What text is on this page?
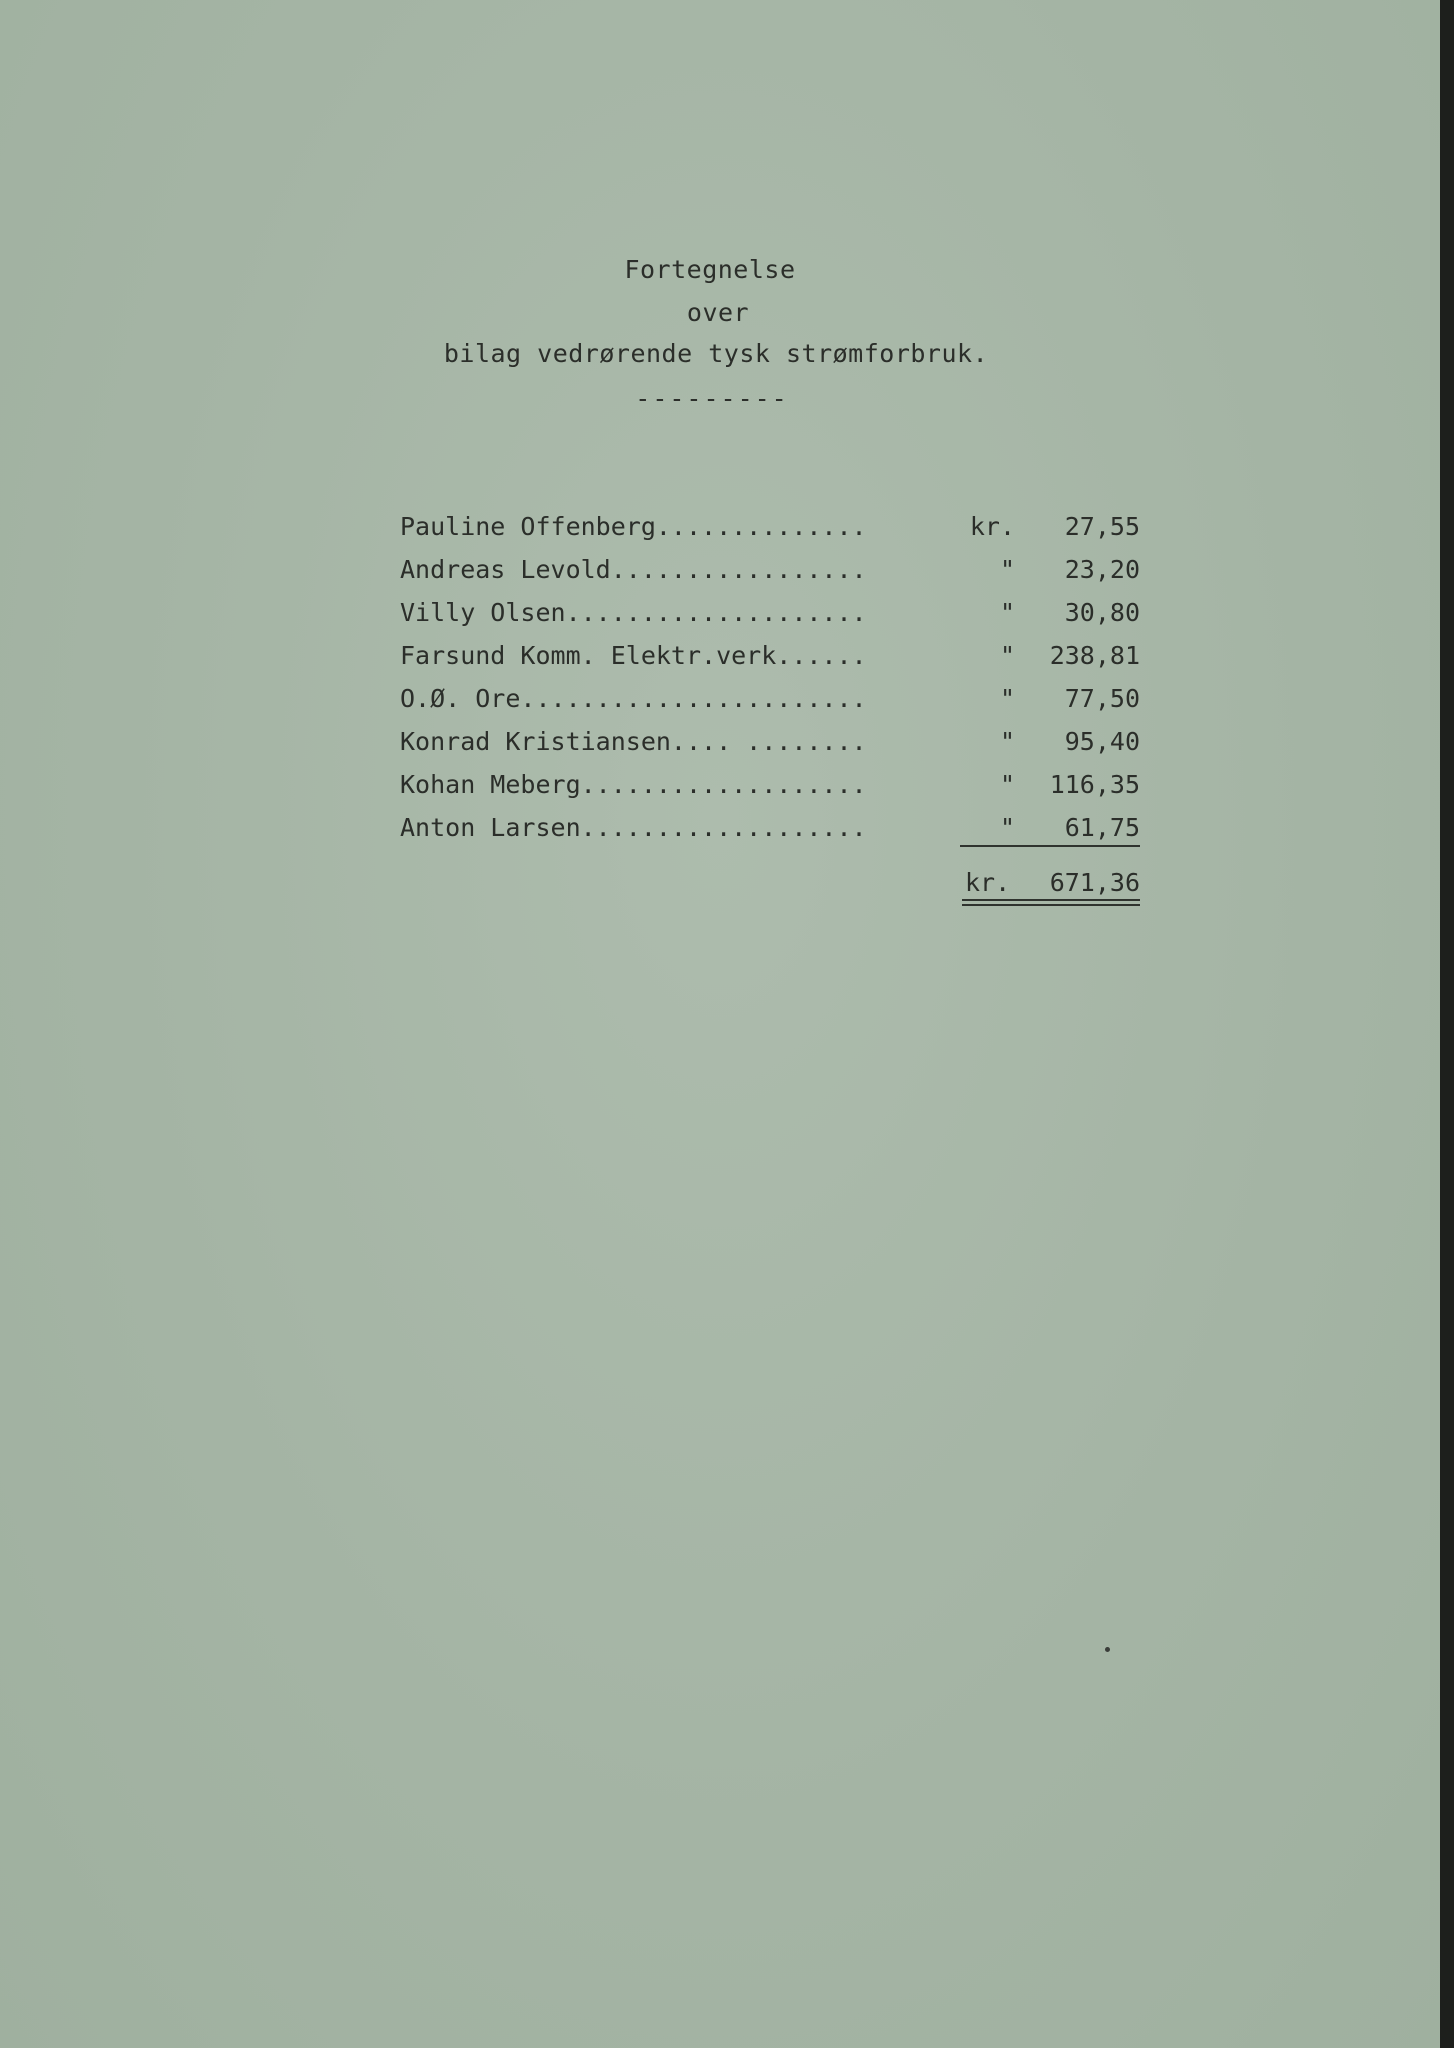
Fortegnelse
over
bilag vedrørende tysk strømforbruk.
---------
Pauline Offenberg..............	kr.	27,55
Andreas Levold.................	"	23,20
Villy Olsen....................	"	30,80
Farsund Komm. Elektr.verk......	"	238,81
O.Ø. Ore.......................	"	77,50
Konrad Kristiansen.... ........	"	95,40
Kohan Meberg...................	"	116,35
Anton Larsen...................	"	61,75
kr. 671,36
